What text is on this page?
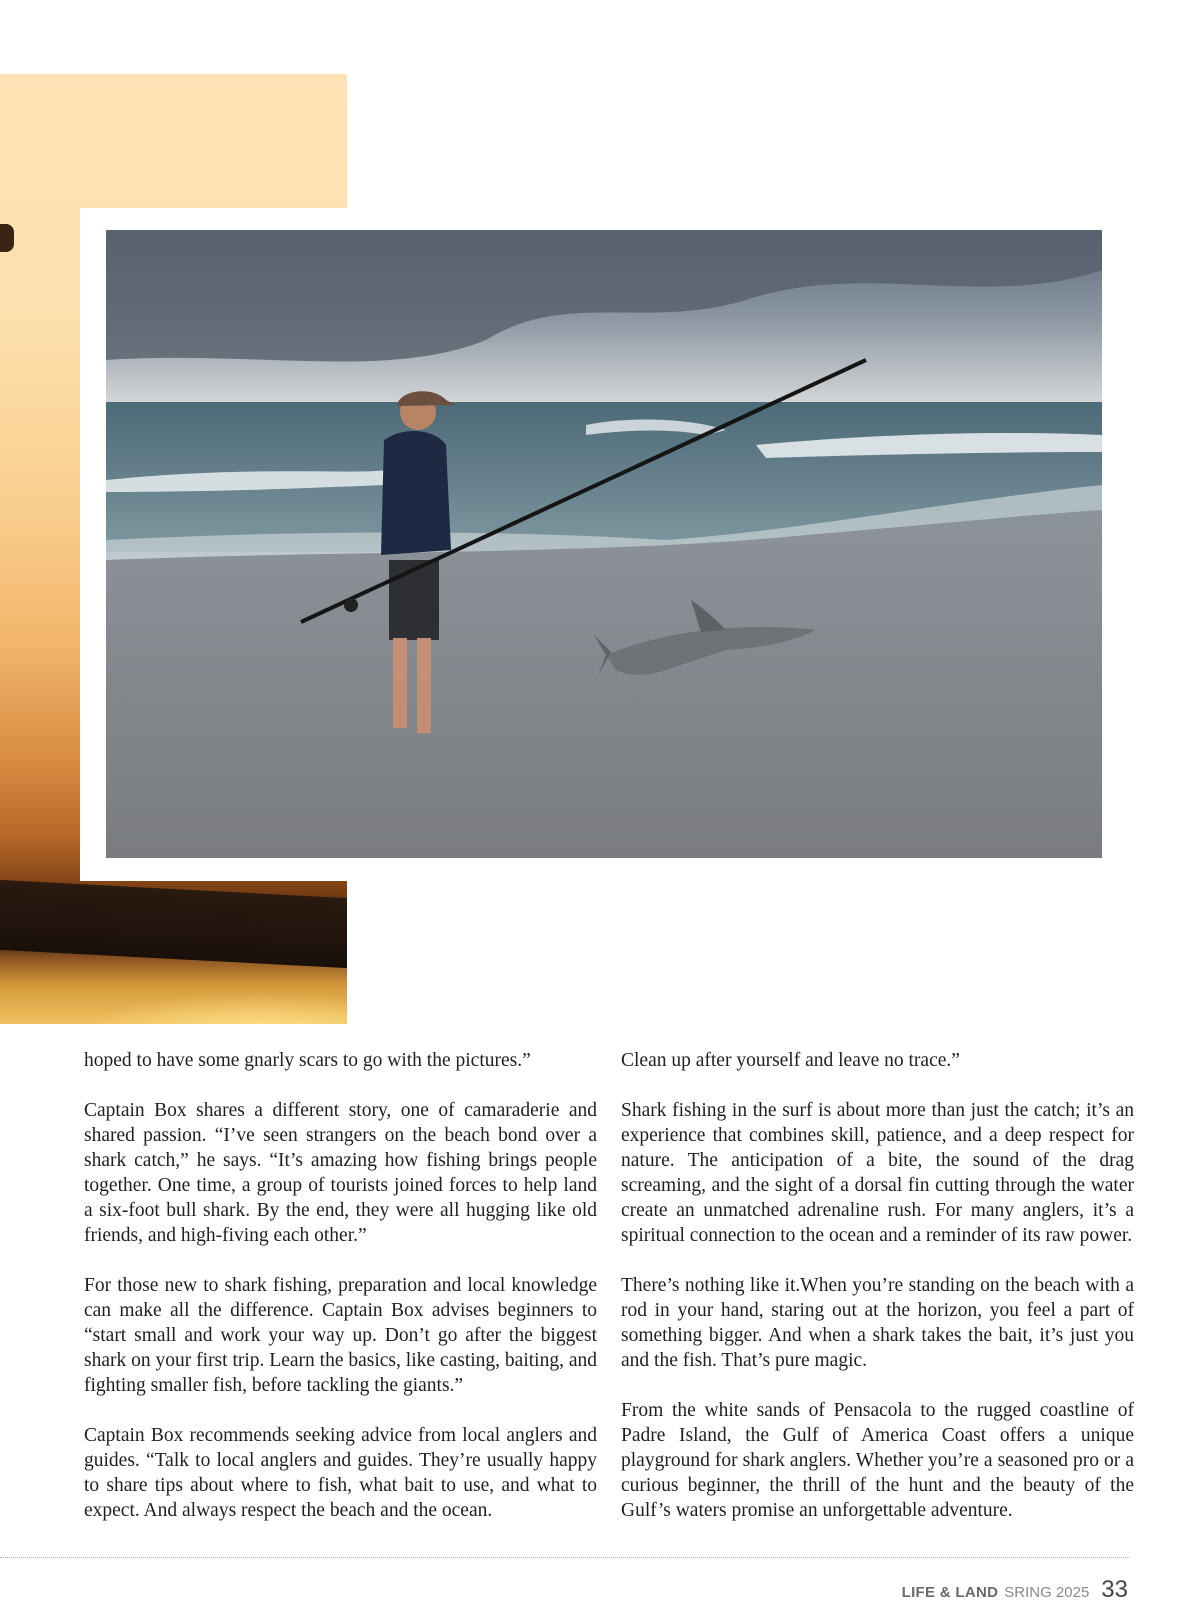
hoped to have some gnarly scars to go with the pictures.”

Captain Box shares a different story, one of camaraderie and shared passion. “I’ve seen strangers on the beach bond over a shark catch,” he says. “It’s amazing how fishing brings people together. One time, a group of tourists joined forces to help land a six-foot bull shark. By the end, they were all hugging like old friends, and high-fiving each other.”

For those new to shark fishing, preparation and local knowledge can make all the difference. Captain Box advises beginners to “start small and work your way up. Don’t go after the biggest shark on your first trip. Learn the basics, like casting, baiting, and fighting smaller fish, before tackling the giants.”

Captain Box recommends seeking advice from local anglers and guides. “Talk to local anglers and guides. They’re usually happy to share tips about where to fish, what bait to use, and what to expect. And always respect the beach and the ocean.

Clean up after yourself and leave no trace.”

Shark fishing in the surf is about more than just the catch; it’s an experience that combines skill, patience, and a deep respect for nature. The anticipation of a bite, the sound of the drag screaming, and the sight of a dorsal fin cutting through the water create an unmatched adrenaline rush. For many anglers, it’s a spiritual connection to the ocean and a reminder of its raw power.

There’s nothing like it.When you’re standing on the beach with a rod in your hand, staring out at the horizon, you feel a part of something bigger. And when a shark takes the bait, it’s just you and the fish. That’s pure magic.

From the white sands of Pensacola to the rugged coastline of Padre Island, the Gulf of America Coast offers a unique playground for shark anglers. Whether you’re a seasoned pro or a curious beginner, the thrill of the hunt and the beauty of the Gulf’s waters promise an unforgettable adventure.

LIFE & LAND SRING 2025 33
